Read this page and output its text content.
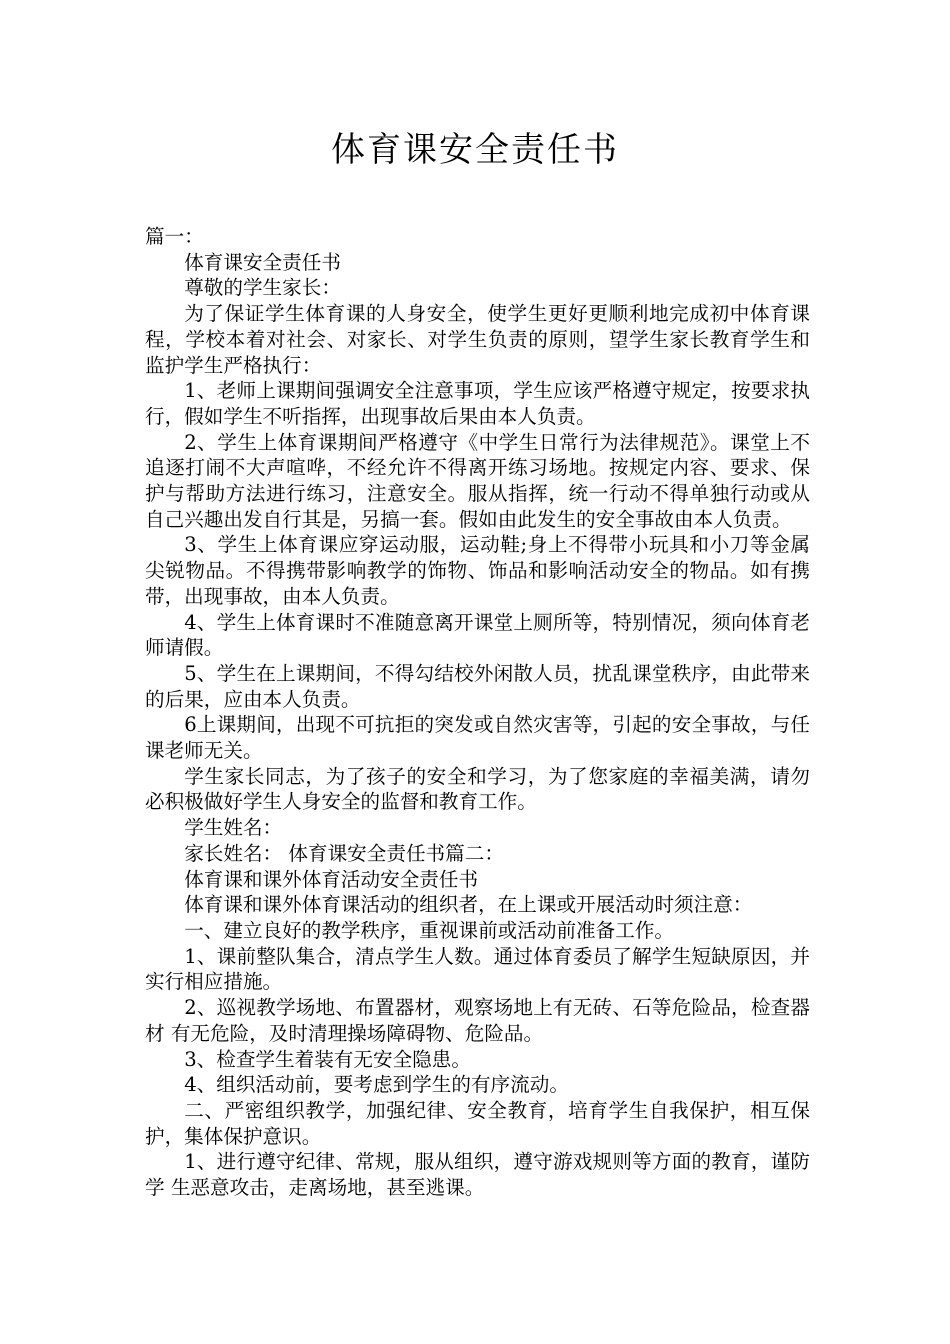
体育课安全责任书

篇一：

体育课安全责任书

尊敬的学生家长：

为了保证学生体育课的人身安全，使学生更好更顺利地完成初中体育课程，学校本着对社会、对家长、对学生负责的原则，望学生家长教育学生和监护学生严格执行：

1、老师上课期间强调安全注意事项，学生应该严格遵守规定，按要求执行，假如学生不听指挥，出现事故后果由本人负责。

2、学生上体育课期间严格遵守《中学生日常行为法律规范》。课堂上不追逐打闹不大声喧哗，不经允许不得离开练习场地。按规定内容、要求、保护与帮助方法进行练习，注意安全。服从指挥，统一行动不得单独行动或从自己兴趣出发自行其是，另搞一套。假如由此发生的安全事故由本人负责。

3、学生上体育课应穿运动服，运动鞋;身上不得带小玩具和小刀等金属尖锐物品。不得携带影响教学的饰物、饰品和影响活动安全的物品。如有携带，出现事故，由本人负责。

4、学生上体育课时不准随意离开课堂上厕所等，特别情况，须向体育老师请假。

5、学生在上课期间，不得勾结校外闲散人员，扰乱课堂秩序，由此带来的后果，应由本人负责。

6上课期间，出现不可抗拒的突发或自然灾害等，引起的安全事故，与任课老师无关。

学生家长同志，为了孩子的安全和学习，为了您家庭的幸福美满，请勿必积极做好学生人身安全的监督和教育工作。

学生姓名：

家长姓名： 体育课安全责任书篇二：

体育课和课外体育活动安全责任书

体育课和课外体育课活动的组织者，在上课或开展活动时须注意：

一、建立良好的教学秩序，重视课前或活动前准备工作。

1、课前整队集合，清点学生人数。通过体育委员了解学生短缺原因，并实行相应措施。

2、巡视教学场地、布置器材，观察场地上有无砖、石等危险品，检查器材 有无危险，及时清理操场障碍物、危险品。

3、检查学生着装有无安全隐患。

4、组织活动前，要考虑到学生的有序流动。

二、严密组织教学，加强纪律、安全教育，培育学生自我保护，相互保护，集体保护意识。

1、进行遵守纪律、常规，服从组织，遵守游戏规则等方面的教育，谨防学 生恶意攻击，走离场地，甚至逃课。
